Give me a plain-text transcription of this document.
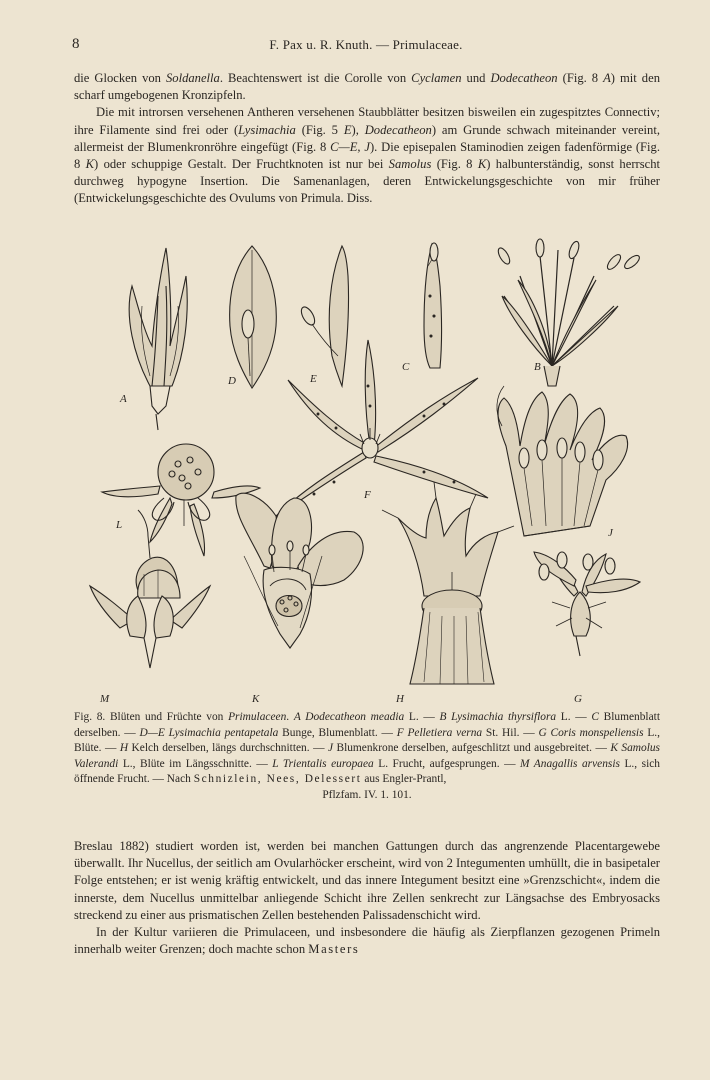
8	F. Pax u. R. Knuth. — Primulaceae.

die Glocken von Soldanella. Beachtenswert ist die Corolle von Cyclamen und Dodecatheon (Fig. 8 A) mit den scharf umgebogenen Kronzipfeln.

Die mit introrsen versehenen Antheren versehenen Staubblätter besitzen bisweilen ein zugespitztes Connectiv; ihre Filamente sind frei oder (Lysimachia (Fig. 5 E), Dodecatheon) am Grunde schwach miteinander vereint, allermeist der Blumenkronröhre eingefügt (Fig. 8 C—E, J). Die episepalen Staminodien zeigen fadenförmige (Fig. 8 K) oder schuppige Gestalt. Der Fruchtknoten ist nur bei Samolus (Fig. 8 K) halbunterständig, sonst herrscht durchweg hypogyne Insertion. Die Samenanlagen, deren Entwickelungsgeschichte von mir früher (Entwickelungsgeschichte des Ovulums von Primula. Diss.

A
D	E
C	B
F
L
J
M	K	H	G

Fig. 8. Blüten und Früchte von Primulaceen. A Dodecatheon meadia L. — B Lysimachia thyrsiflora L. — C Blumenblatt derselben. — D—E Lysimachia pentapetala Bunge, Blumenblatt. — F Pelletiera verna St. Hil. — G Coris monspeliensis L., Blüte. — H Kelch derselben, längs durchschnitten. — J Blumenkrone derselben, aufgeschlitzt und ausgebreitet. — K Samolus Valerandi L., Blüte im Längsschnitte. — L Trientalis europaea L. Frucht, aufgesprungen. — M Anagallis arvensis L., sich öffnende Frucht. — Nach Schnizlein, Nees, Delessert aus Engler-Prantl,

Pflzfam. IV. 1. 101.

Breslau 1882) studiert worden ist, werden bei manchen Gattungen durch das angrenzende Placentargewebe überwallt. Ihr Nucellus, der seitlich am Ovularhöcker erscheint, wird von 2 Integumenten umhüllt, die in basipetaler Folge entstehen; er ist wenig kräftig entwickelt, und das innere Integument besitzt eine »Grenzschicht«, indem die innerste, dem Nucellus unmittelbar anliegende Schicht ihre Zellen senkrecht zur Längsachse des Embryosacks streckend zu einer aus prismatischen Zellen bestehenden Palissadenschicht wird.

In der Kultur variieren die Primulaceen, und insbesondere die häufig als Zierpflanzen gezogenen Primeln innerhalb weiter Grenzen; doch machte schon Masters
